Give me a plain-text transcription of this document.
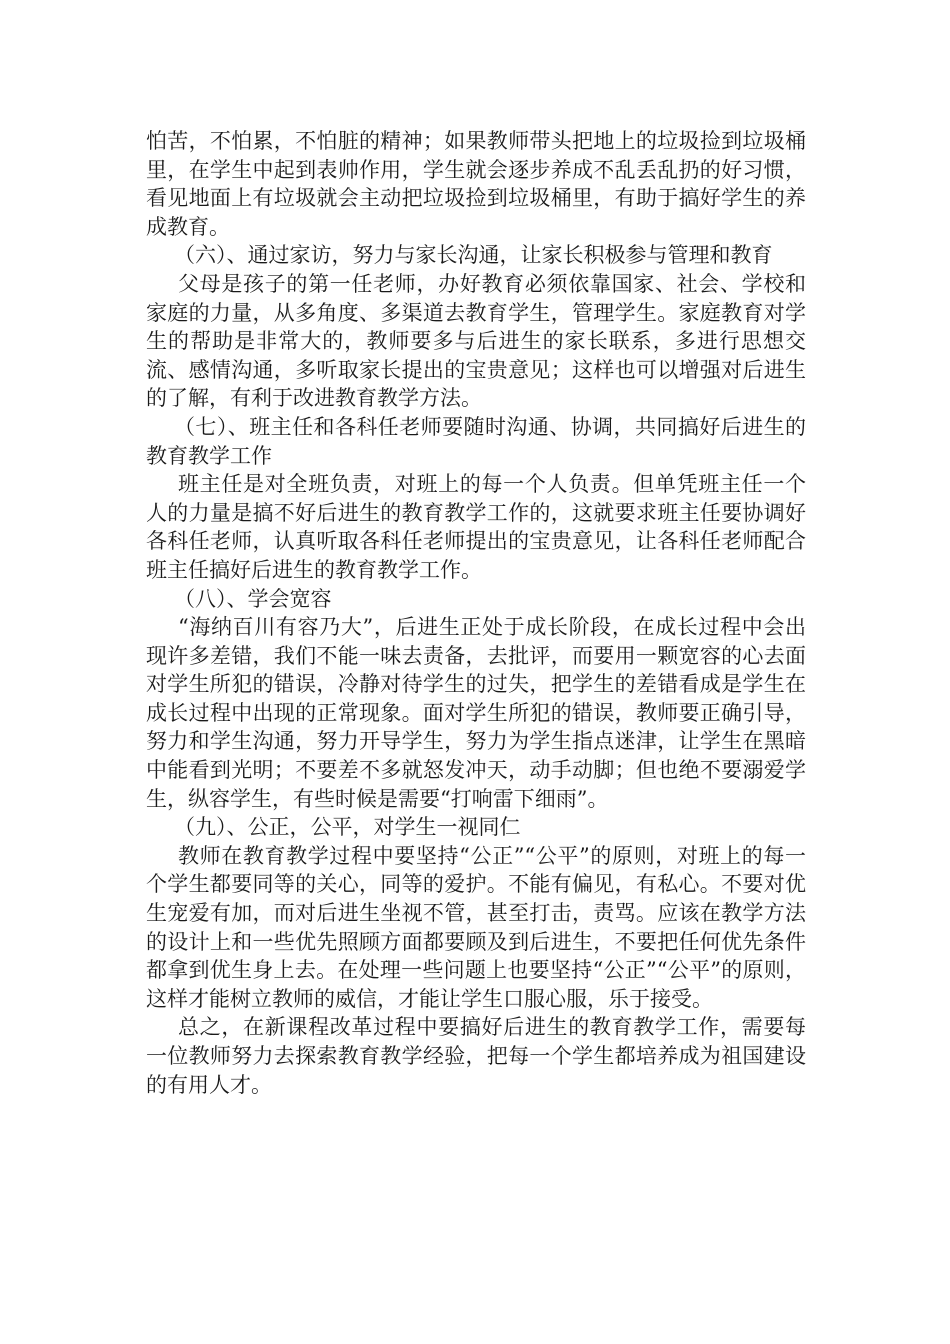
怕苦，不怕累，不怕脏的精神；如果教师带头把地上的垃圾捡到垃圾桶里，在学生中起到表帅作用，学生就会逐步养成不乱丢乱扔的好习惯，看见地面上有垃圾就会主动把垃圾捡到垃圾桶里，有助于搞好学生的养成教育。

（六）、通过家访，努力与家长沟通，让家长积极参与管理和教育

父母是孩子的第一任老师，办好教育必须依靠国家、社会、学校和家庭的力量，从多角度、多渠道去教育学生，管理学生。家庭教育对学生的帮助是非常大的，教师要多与后进生的家长联系，多进行思想交流、感情沟通，多听取家长提出的宝贵意见；这样也可以增强对后进生的了解，有利于改进教育教学方法。

（七）、班主任和各科任老师要随时沟通、协调，共同搞好后进生的教育教学工作

班主任是对全班负责，对班上的每一个人负责。但单凭班主任一个人的力量是搞不好后进生的教育教学工作的，这就要求班主任要协调好各科任老师，认真听取各科任老师提出的宝贵意见，让各科任老师配合班主任搞好后进生的教育教学工作。

（八）、学会宽容

“海纳百川有容乃大”，后进生正处于成长阶段，在成长过程中会出现许多差错，我们不能一味去责备，去批评，而要用一颗宽容的心去面对学生所犯的错误，冷静对待学生的过失，把学生的差错看成是学生在成长过程中出现的正常现象。面对学生所犯的错误，教师要正确引导，努力和学生沟通，努力开导学生，努力为学生指点迷津，让学生在黑暗中能看到光明；不要差不多就怒发冲天，动手动脚；但也绝不要溺爱学生，纵容学生，有些时候是需要“打响雷下细雨”。

（九）、公正，公平，对学生一视同仁

教师在教育教学过程中要坚持“公正”“公平”的原则，对班上的每一个学生都要同等的关心，同等的爱护。不能有偏见，有私心。不要对优生宠爱有加，而对后进生坐视不管，甚至打击，责骂。应该在教学方法的设计上和一些优先照顾方面都要顾及到后进生，不要把任何优先条件都拿到优生身上去。在处理一些问题上也要坚持“公正”“公平”的原则，这样才能树立教师的威信，才能让学生口服心服，乐于接受。

总之，在新课程改革过程中要搞好后进生的教育教学工作，需要每一位教师努力去探索教育教学经验，把每一个学生都培养成为祖国建设的有用人才。
